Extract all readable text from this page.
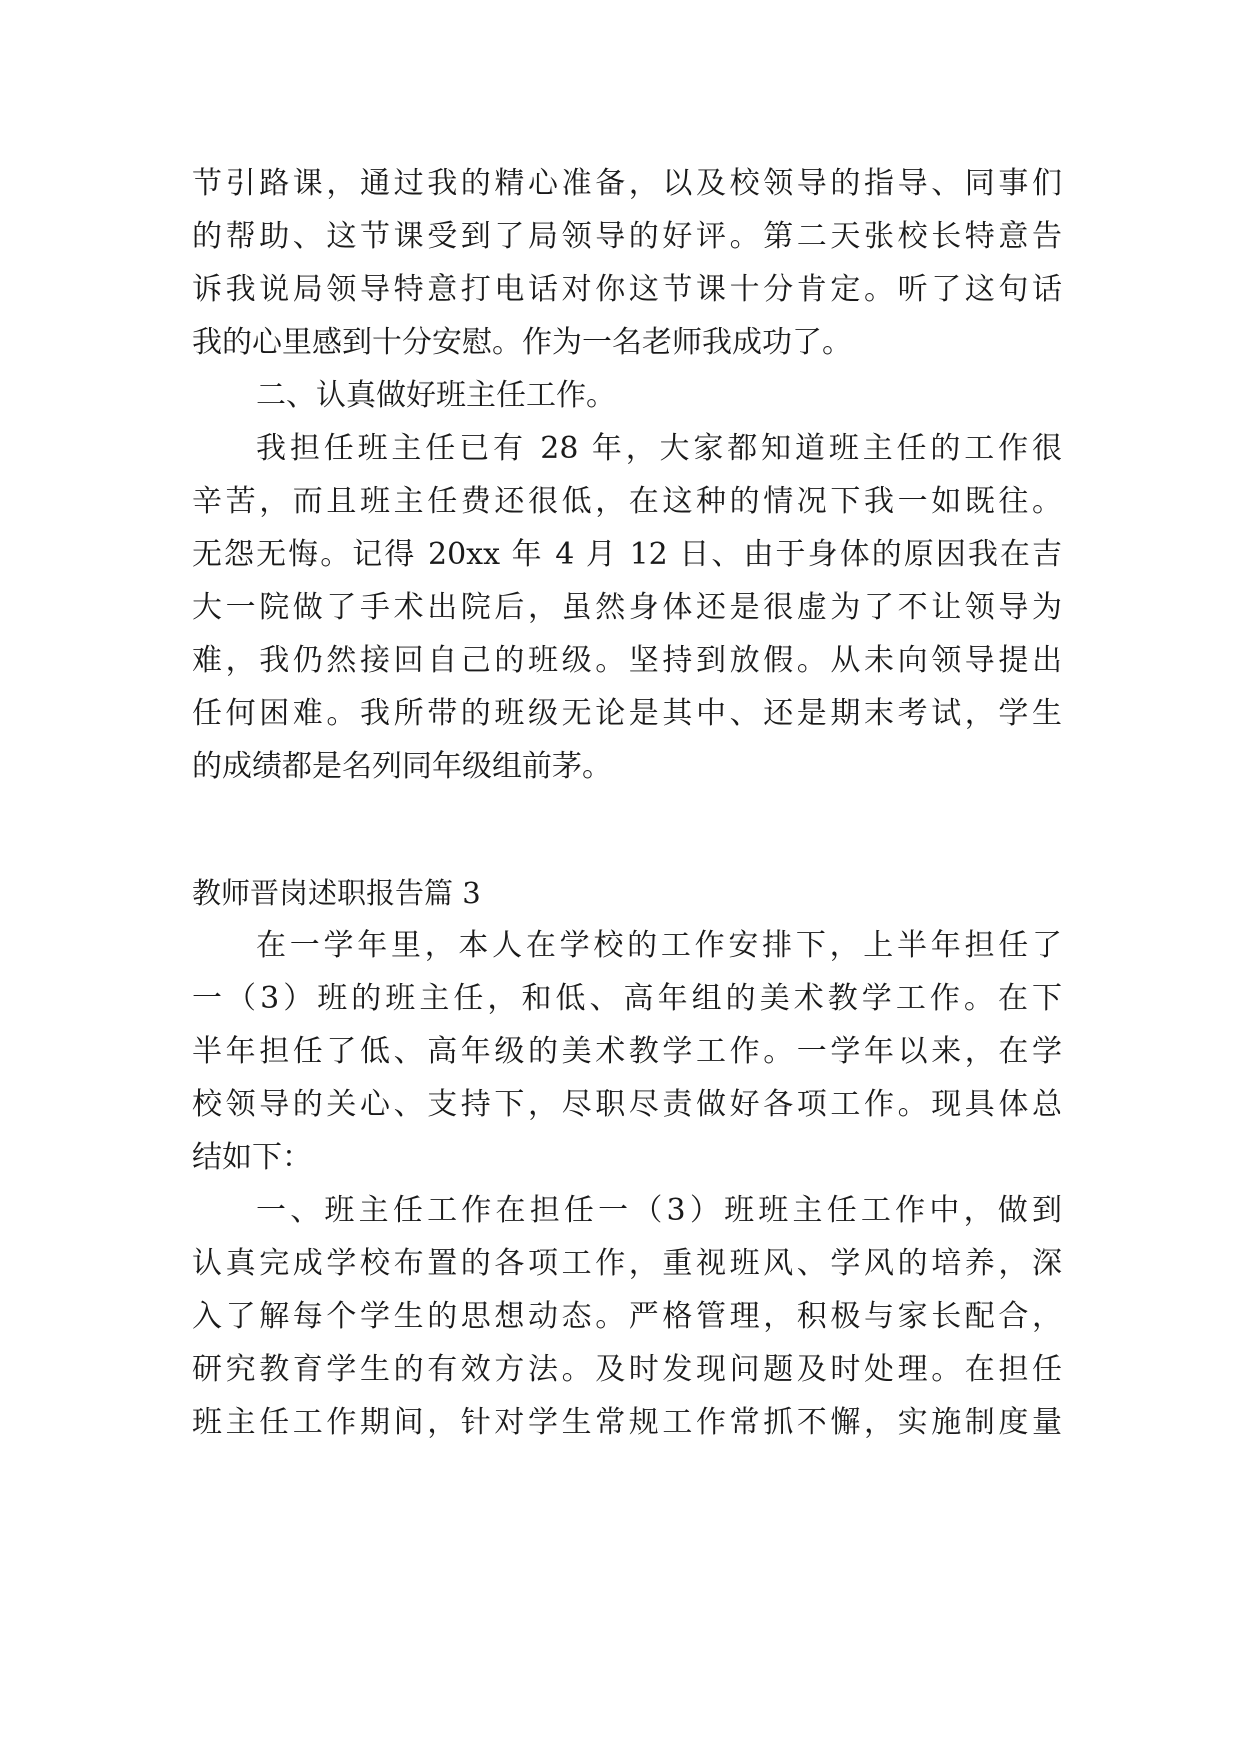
节引路课，通过我的精心准备，以及校领导的指导、同事们
的帮助、这节课受到了局领导的好评。第二天张校长特意告
诉我说局领导特意打电话对你这节课十分肯定。听了这句话
我的心里感到十分安慰。作为一名老师我成功了。
二、认真做好班主任工作。
我担任班主任已有 28 年，大家都知道班主任的工作很
辛苦，而且班主任费还很低，在这种的情况下我一如既往。
无怨无悔。记得 20xx 年 4 月 12 日、由于身体的原因我在吉
大一院做了手术出院后，虽然身体还是很虚为了不让领导为
难，我仍然接回自己的班级。坚持到放假。从未向领导提出
任何困难。我所带的班级无论是其中、还是期末考试，学生
的成绩都是名列同年级组前茅。
教师晋岗述职报告篇 3
在一学年里，本人在学校的工作安排下，上半年担任了
一（3）班的班主任，和低、高年组的美术教学工作。在下
半年担任了低、高年级的美术教学工作。一学年以来，在学
校领导的关心、支持下，尽职尽责做好各项工作。现具体总
结如下：
一、班主任工作在担任一（3）班班主任工作中，做到
认真完成学校布置的各项工作，重视班风、学风的培养，深
入了解每个学生的思想动态。严格管理，积极与家长配合，
研究教育学生的有效方法。及时发现问题及时处理。在担任
班主任工作期间，针对学生常规工作常抓不懈，实施制度量
